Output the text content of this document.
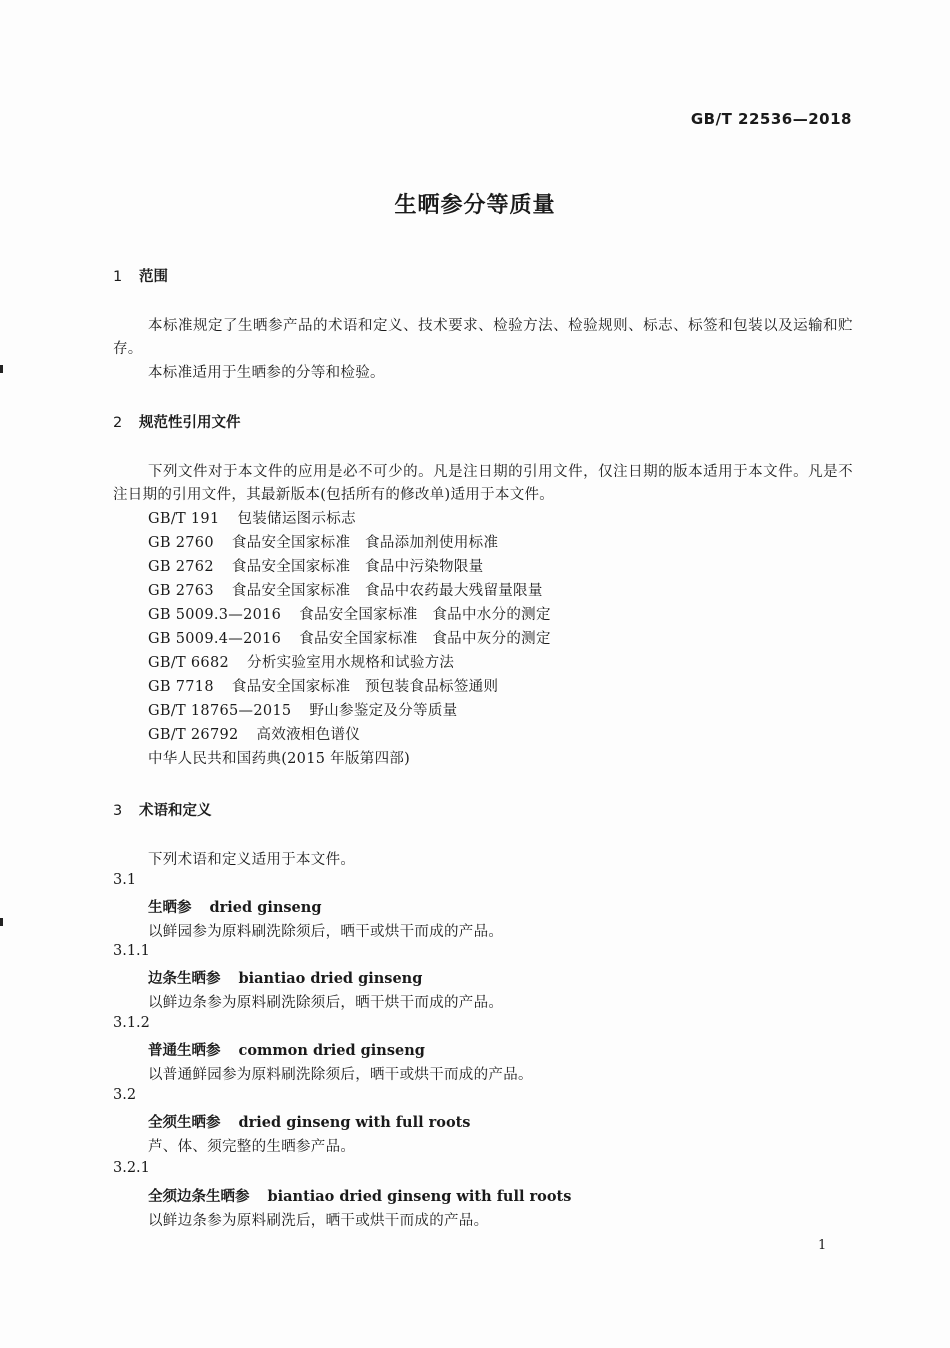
GB/T 22536—2018
生晒参分等质量
1 范围
本标准规定了生晒参产品的术语和定义、技术要求、检验方法、检验规则、标志、标签和包装以及运输和贮存。
本标准适用于生晒参的分等和检验。
2 规范性引用文件
下列文件对于本文件的应用是必不可少的。凡是注日期的引用文件，仅注日期的版本适用于本文件。凡是不注日期的引用文件，其最新版本(包括所有的修改单)适用于本文件。
GB/T 191 包装储运图示标志
GB 2760 食品安全国家标准　食品添加剂使用标准
GB 2762 食品安全国家标准　食品中污染物限量
GB 2763 食品安全国家标准　食品中农药最大残留量限量
GB 5009.3—2016 食品安全国家标准　食品中水分的测定
GB 5009.4—2016 食品安全国家标准　食品中灰分的测定
GB/T 6682 分析实验室用水规格和试验方法
GB 7718 食品安全国家标准　预包装食品标签通则
GB/T 18765—2015 野山参鉴定及分等质量
GB/T 26792 高效液相色谱仪
中华人民共和国药典(2015 年版第四部)
3 术语和定义
下列术语和定义适用于本文件。
3.1
生晒参 dried ginseng
以鲜园参为原料刷洗除须后，晒干或烘干而成的产品。
3.1.1
边条生晒参 biantiao dried ginseng
以鲜边条参为原料刷洗除须后，晒干烘干而成的产品。
3.1.2
普通生晒参 common dried ginseng
以普通鲜园参为原料刷洗除须后，晒干或烘干而成的产品。
3.2
全须生晒参 dried ginseng with full roots
芦、体、须完整的生晒参产品。
3.2.1
全须边条生晒参 biantiao dried ginseng with full roots
以鲜边条参为原料刷洗后，晒干或烘干而成的产品。
1
